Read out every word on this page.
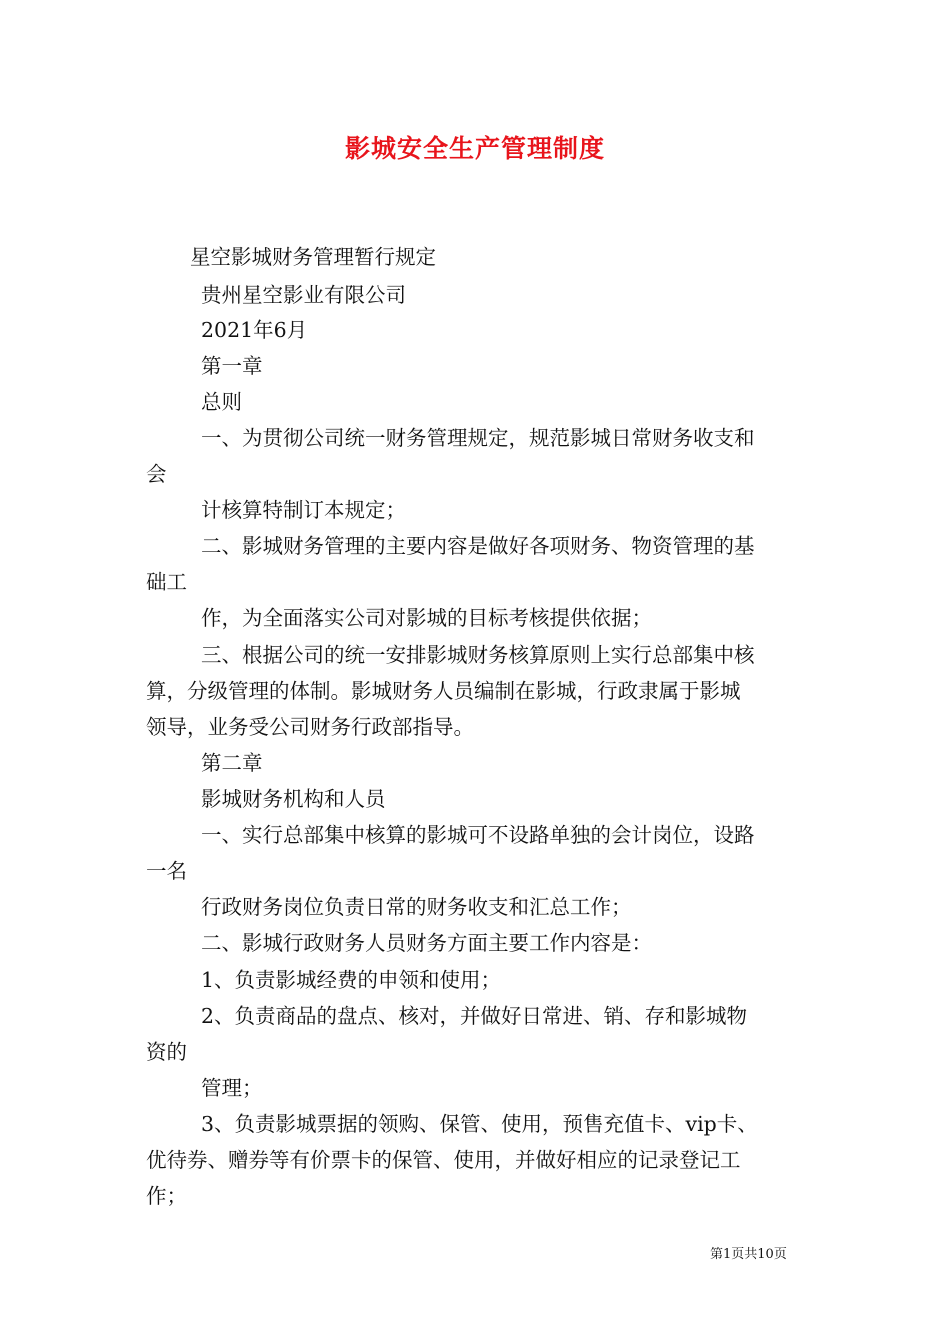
影城安全生产管理制度
星空影城财务管理暂行规定
贵州星空影业有限公司
2021年6月
第一章
总则
一、为贯彻公司统一财务管理规定，规范影城日常财务收支和
会
计核算特制订本规定；
二、影城财务管理的主要内容是做好各项财务、物资管理的基
础工
作，为全面落实公司对影城的目标考核提供依据；
三、根据公司的统一安排影城财务核算原则上实行总部集中核
算，分级管理的体制。影城财务人员编制在影城，行政隶属于影城
领导，业务受公司财务行政部指导。
第二章
影城财务机构和人员
一、实行总部集中核算的影城可不设路单独的会计岗位，设路
一名
行政财务岗位负责日常的财务收支和汇总工作；
二、影城行政财务人员财务方面主要工作内容是：
1、负责影城经费的申领和使用；
2、负责商品的盘点、核对，并做好日常进、销、存和影城物
资的
管理；
3、负责影城票据的领购、保管、使用，预售充值卡、vip卡、
优待券、赠券等有价票卡的保管、使用，并做好相应的记录登记工
作；
第1页共10页
